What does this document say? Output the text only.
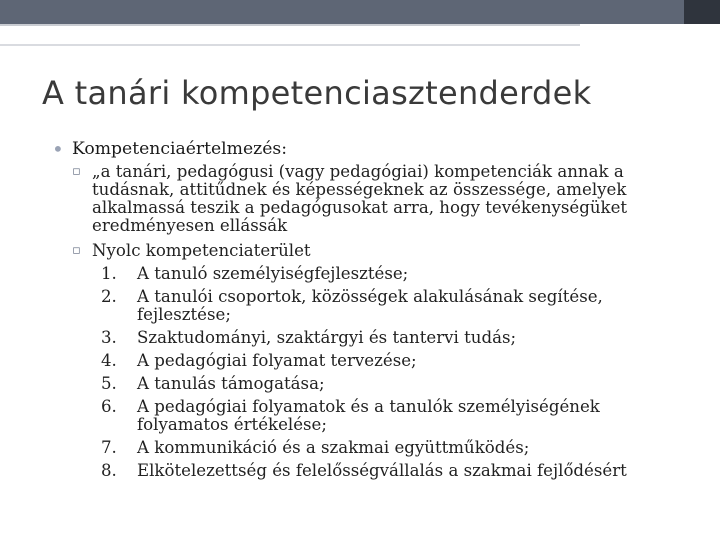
A tanári kompetenciasztenderdek
• Kompetenciaértelmezés:
▫ „a tanári, pedagógusi (vagy pedagógiai) kompetenciák annak a tudásnak, attitűdnek és képességeknek az összessége, amelyek alkalmassá teszik a pedagógusokat arra, hogy tevékenységüket eredményesen ellássák
▫ Nyolc kompetenciaterület
1.	A tanuló személyiségfejlesztése;
2.	A tanulói csoportok, közösségek alakulásának segítése, fejlesztése;
3.	Szaktudományi, szaktárgyi és tantervi tudás;
4.	A pedagógiai folyamat tervezése;
5.	A tanulás támogatása;
6.	A pedagógiai folyamatok és a tanulók személyiségének folyamatos értékelése;
7.	A kommunikáció és a szakmai együttműködés;
8.	Elkötelezettség és felelősségvállalás a szakmai fejlődésért
